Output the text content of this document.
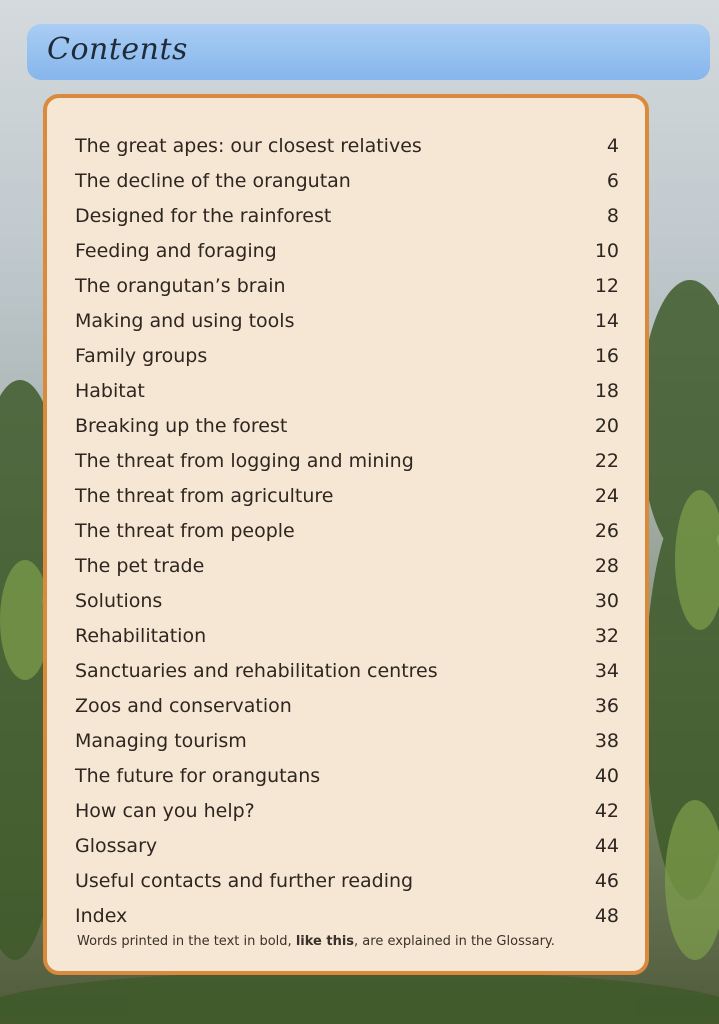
Contents
The great apes: our closest relatives	4
The decline of the orangutan	6
Designed for the rainforest	8
Feeding and foraging	10
The orangutan’s brain	12
Making and using tools	14
Family groups	16
Habitat	18
Breaking up the forest	20
The threat from logging and mining	22
The threat from agriculture	24
The threat from people	26
The pet trade	28
Solutions	30
Rehabilitation	32
Sanctuaries and rehabilitation centres	34
Zoos and conservation	36
Managing tourism	38
The future for orangutans	40
How can you help?	42
Glossary	44
Useful contacts and further reading	46
Index	48
Words printed in the text in bold, like this, are explained in the Glossary.
